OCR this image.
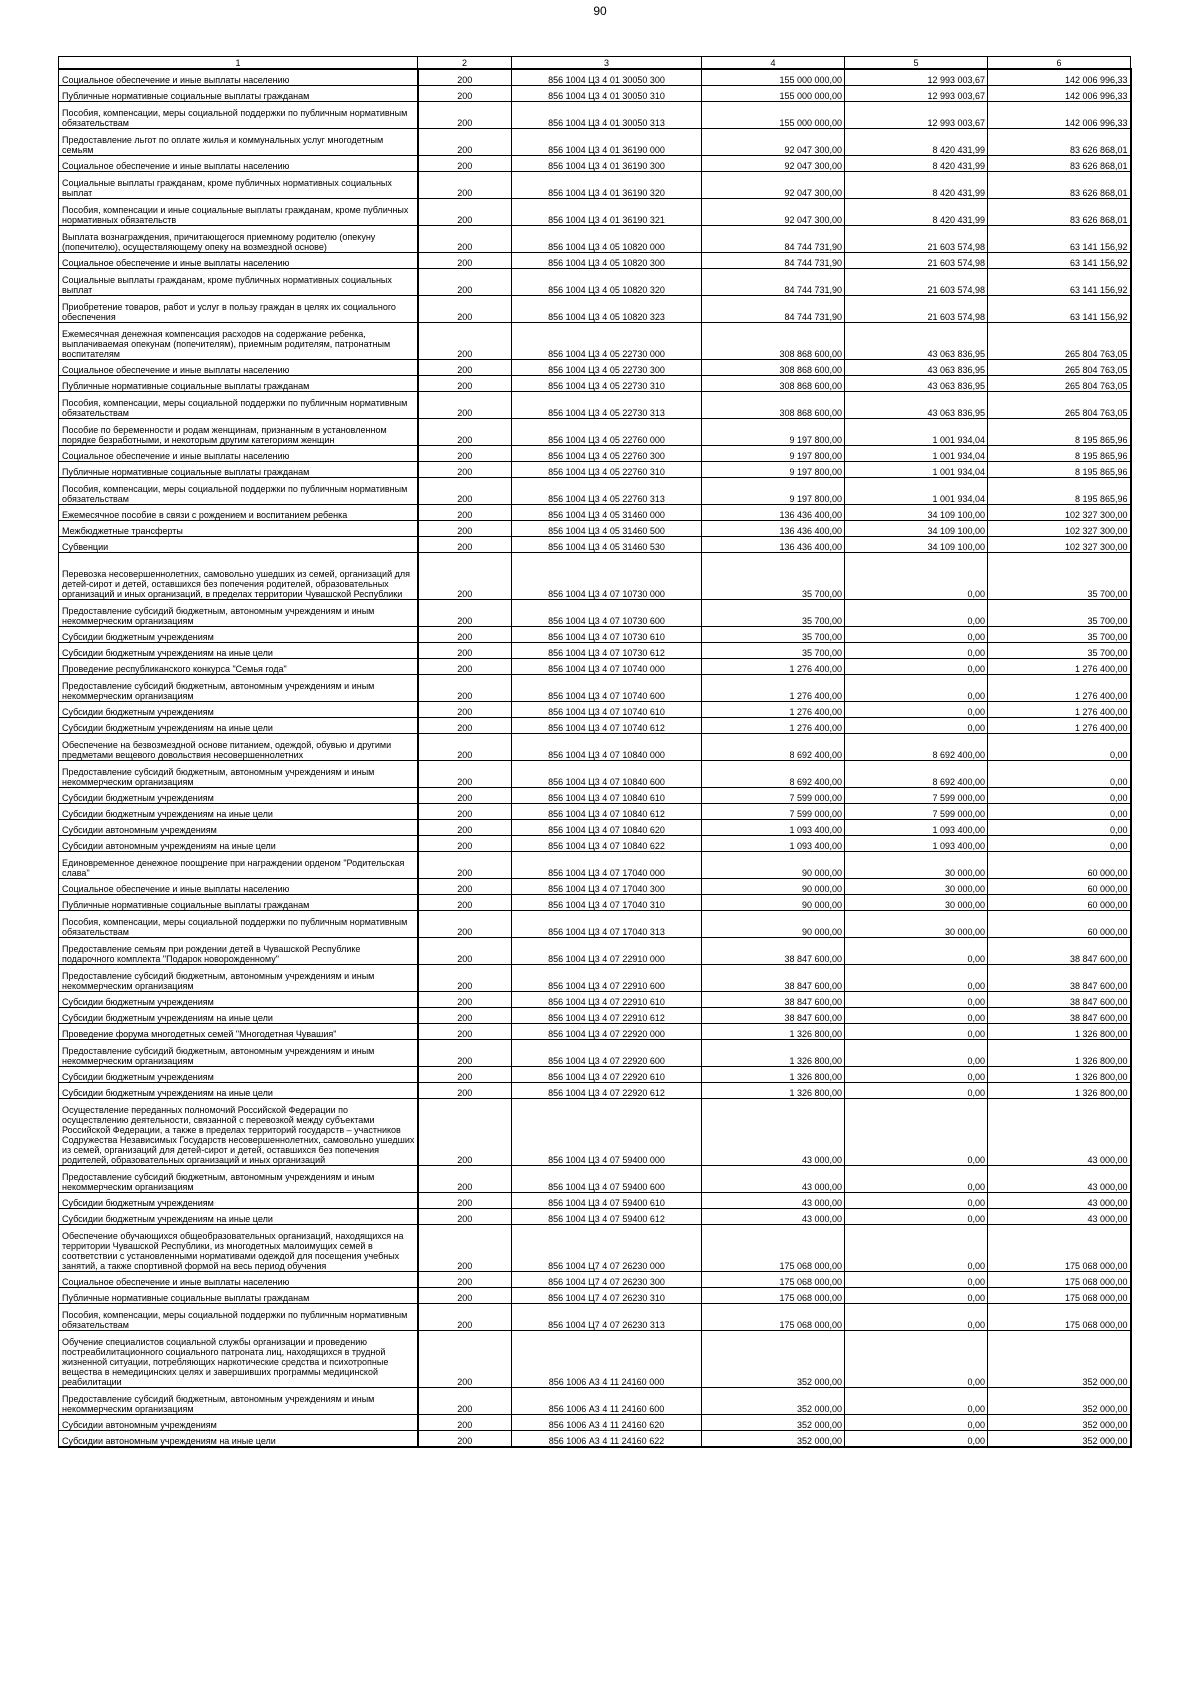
90
1	2	3	4	5	6
Социальное обеспечение и иные выплаты населению	200	856 1004 Ц3 4 01 30050 300	155 000 000,00	12 993 003,67	142 006 996,33
Публичные нормативные социальные выплаты гражданам	200	856 1004 Ц3 4 01 30050 310	155 000 000,00	12 993 003,67	142 006 996,33
Пособия, компенсации, меры социальной поддержки по публичным нормативным обязательствам	200	856 1004 Ц3 4 01 30050 313	155 000 000,00	12 993 003,67	142 006 996,33
Предоставление льгот по оплате жилья и коммунальных услуг многодетным семьям	200	856 1004 Ц3 4 01 36190 000	92 047 300,00	8 420 431,99	83 626 868,01
Социальное обеспечение и иные выплаты населению	200	856 1004 Ц3 4 01 36190 300	92 047 300,00	8 420 431,99	83 626 868,01
Социальные выплаты гражданам, кроме публичных нормативных социальных выплат	200	856 1004 Ц3 4 01 36190 320	92 047 300,00	8 420 431,99	83 626 868,01
Пособия, компенсации и иные социальные выплаты гражданам, кроме публичных нормативных обязательств	200	856 1004 Ц3 4 01 36190 321	92 047 300,00	8 420 431,99	83 626 868,01
Выплата вознаграждения, причитающегося приемному родителю (опекуну (попечителю), осуществляющему опеку на возмездной основе)	200	856 1004 Ц3 4 05 10820 000	84 744 731,90	21 603 574,98	63 141 156,92
Социальное обеспечение и иные выплаты населению	200	856 1004 Ц3 4 05 10820 300	84 744 731,90	21 603 574,98	63 141 156,92
Социальные выплаты гражданам, кроме публичных нормативных социальных выплат	200	856 1004 Ц3 4 05 10820 320	84 744 731,90	21 603 574,98	63 141 156,92
Приобретение товаров, работ и услуг в пользу граждан в целях их социального обеспечения	200	856 1004 Ц3 4 05 10820 323	84 744 731,90	21 603 574,98	63 141 156,92
Ежемесячная денежная компенсация расходов на содержание ребенка, выплачиваемая опекунам (попечителям), приемным родителям, патронатным воспитателям	200	856 1004 Ц3 4 05 22730 000	308 868 600,00	43 063 836,95	265 804 763,05
Социальное обеспечение и иные выплаты населению	200	856 1004 Ц3 4 05 22730 300	308 868 600,00	43 063 836,95	265 804 763,05
Публичные нормативные социальные выплаты гражданам	200	856 1004 Ц3 4 05 22730 310	308 868 600,00	43 063 836,95	265 804 763,05
Пособия, компенсации, меры социальной поддержки по публичным нормативным обязательствам	200	856 1004 Ц3 4 05 22730 313	308 868 600,00	43 063 836,95	265 804 763,05
Пособие по беременности и родам женщинам, признанным в установленном порядке безработными, и некоторым другим категориям женщин	200	856 1004 Ц3 4 05 22760 000	9 197 800,00	1 001 934,04	8 195 865,96
Социальное обеспечение и иные выплаты населению	200	856 1004 Ц3 4 05 22760 300	9 197 800,00	1 001 934,04	8 195 865,96
Публичные нормативные социальные выплаты гражданам	200	856 1004 Ц3 4 05 22760 310	9 197 800,00	1 001 934,04	8 195 865,96
Пособия, компенсации, меры социальной поддержки по публичным нормативным обязательствам	200	856 1004 Ц3 4 05 22760 313	9 197 800,00	1 001 934,04	8 195 865,96
Ежемесячное пособие в связи с рождением и воспитанием ребенка	200	856 1004 Ц3 4 05 31460 000	136 436 400,00	34 109 100,00	102 327 300,00
Межбюджетные трансферты	200	856 1004 Ц3 4 05 31460 500	136 436 400,00	34 109 100,00	102 327 300,00
Субвенции	200	856 1004 Ц3 4 05 31460 530	136 436 400,00	34 109 100,00	102 327 300,00
Перевозка несовершеннолетних, самовольно ушедших из семей, организаций для детей-сирот и детей, оставшихся без попечения родителей, образовательных организаций и иных организаций, в пределах территории Чувашской Республики	200	856 1004 Ц3 4 07 10730 000	35 700,00	0,00	35 700,00
Предоставление субсидий бюджетным, автономным учреждениям и иным некоммерческим организациям	200	856 1004 Ц3 4 07 10730 600	35 700,00	0,00	35 700,00
Субсидии бюджетным учреждениям	200	856 1004 Ц3 4 07 10730 610	35 700,00	0,00	35 700,00
Субсидии бюджетным учреждениям на иные цели	200	856 1004 Ц3 4 07 10730 612	35 700,00	0,00	35 700,00
Проведение республиканского конкурса "Семья года"	200	856 1004 Ц3 4 07 10740 000	1 276 400,00	0,00	1 276 400,00
Предоставление субсидий бюджетным, автономным учреждениям и иным некоммерческим организациям	200	856 1004 Ц3 4 07 10740 600	1 276 400,00	0,00	1 276 400,00
Субсидии бюджетным учреждениям	200	856 1004 Ц3 4 07 10740 610	1 276 400,00	0,00	1 276 400,00
Субсидии бюджетным учреждениям на иные цели	200	856 1004 Ц3 4 07 10740 612	1 276 400,00	0,00	1 276 400,00
Обеспечение на безвозмездной основе питанием, одеждой, обувью и другими предметами вещевого довольствия несовершеннолетних	200	856 1004 Ц3 4 07 10840 000	8 692 400,00	8 692 400,00	0,00
Предоставление субсидий бюджетным, автономным учреждениям и иным некоммерческим организациям	200	856 1004 Ц3 4 07 10840 600	8 692 400,00	8 692 400,00	0,00
Субсидии бюджетным учреждениям	200	856 1004 Ц3 4 07 10840 610	7 599 000,00	7 599 000,00	0,00
Субсидии бюджетным учреждениям на иные цели	200	856 1004 Ц3 4 07 10840 612	7 599 000,00	7 599 000,00	0,00
Субсидии автономным учреждениям	200	856 1004 Ц3 4 07 10840 620	1 093 400,00	1 093 400,00	0,00
Субсидии автономным учреждениям на иные цели	200	856 1004 Ц3 4 07 10840 622	1 093 400,00	1 093 400,00	0,00
Единовременное денежное поощрение при награждении орденом "Родительская слава"	200	856 1004 Ц3 4 07 17040 000	90 000,00	30 000,00	60 000,00
Социальное обеспечение и иные выплаты населению	200	856 1004 Ц3 4 07 17040 300	90 000,00	30 000,00	60 000,00
Публичные нормативные социальные выплаты гражданам	200	856 1004 Ц3 4 07 17040 310	90 000,00	30 000,00	60 000,00
Пособия, компенсации, меры социальной поддержки по публичным нормативным обязательствам	200	856 1004 Ц3 4 07 17040 313	90 000,00	30 000,00	60 000,00
Предоставление семьям при рождении детей в Чувашской Республике подарочного комплекта "Подарок новорожденному"	200	856 1004 Ц3 4 07 22910 000	38 847 600,00	0,00	38 847 600,00
Предоставление субсидий бюджетным, автономным учреждениям и иным некоммерческим организациям	200	856 1004 Ц3 4 07 22910 600	38 847 600,00	0,00	38 847 600,00
Субсидии бюджетным учреждениям	200	856 1004 Ц3 4 07 22910 610	38 847 600,00	0,00	38 847 600,00
Субсидии бюджетным учреждениям на иные цели	200	856 1004 Ц3 4 07 22910 612	38 847 600,00	0,00	38 847 600,00
Проведение форума многодетных семей "Многодетная Чувашия"	200	856 1004 Ц3 4 07 22920 000	1 326 800,00	0,00	1 326 800,00
Предоставление субсидий бюджетным, автономным учреждениям и иным некоммерческим организациям	200	856 1004 Ц3 4 07 22920 600	1 326 800,00	0,00	1 326 800,00
Субсидии бюджетным учреждениям	200	856 1004 Ц3 4 07 22920 610	1 326 800,00	0,00	1 326 800,00
Субсидии бюджетным учреждениям на иные цели	200	856 1004 Ц3 4 07 22920 612	1 326 800,00	0,00	1 326 800,00
Осуществление переданных полномочий Российской Федерации по осуществлению деятельности, связанной с перевозкой между субъектами Российской Федерации, а также в пределах территорий государств – участников Содружества Независимых Государств несовершеннолетних, самовольно ушедших из семей, организаций для детей-сирот и детей, оставшихся без попечения родителей, образовательных организаций и иных организаций	200	856 1004 Ц3 4 07 59400 000	43 000,00	0,00	43 000,00
Предоставление субсидий бюджетным, автономным учреждениям и иным некоммерческим организациям	200	856 1004 Ц3 4 07 59400 600	43 000,00	0,00	43 000,00
Субсидии бюджетным учреждениям	200	856 1004 Ц3 4 07 59400 610	43 000,00	0,00	43 000,00
Субсидии бюджетным учреждениям на иные цели	200	856 1004 Ц3 4 07 59400 612	43 000,00	0,00	43 000,00
Обеспечение обучающихся общеобразовательных организаций, находящихся на территории Чувашской Республики, из многодетных малоимущих семей в соответствии с установленными нормативами одеждой для посещения учебных занятий, а также спортивной формой на весь период обучения	200	856 1004 Ц7 4 07 26230 000	175 068 000,00	0,00	175 068 000,00
Социальное обеспечение и иные выплаты населению	200	856 1004 Ц7 4 07 26230 300	175 068 000,00	0,00	175 068 000,00
Публичные нормативные социальные выплаты гражданам	200	856 1004 Ц7 4 07 26230 310	175 068 000,00	0,00	175 068 000,00
Пособия, компенсации, меры социальной поддержки по публичным нормативным обязательствам	200	856 1004 Ц7 4 07 26230 313	175 068 000,00	0,00	175 068 000,00
Обучение специалистов социальной службы организации и проведению постреабилитационного социального патроната лиц, находящихся в трудной жизненной ситуации, потребляющих наркотические средства и психотропные вещества в немедицинских целях и завершивших программы медицинской реабилитации	200	856 1006 А3 4 11 24160 000	352 000,00	0,00	352 000,00
Предоставление субсидий бюджетным, автономным учреждениям и иным некоммерческим организациям	200	856 1006 А3 4 11 24160 600	352 000,00	0,00	352 000,00
Субсидии автономным учреждениям	200	856 1006 А3 4 11 24160 620	352 000,00	0,00	352 000,00
Субсидии автономным учреждениям на иные цели	200	856 1006 А3 4 11 24160 622	352 000,00	0,00	352 000,00
